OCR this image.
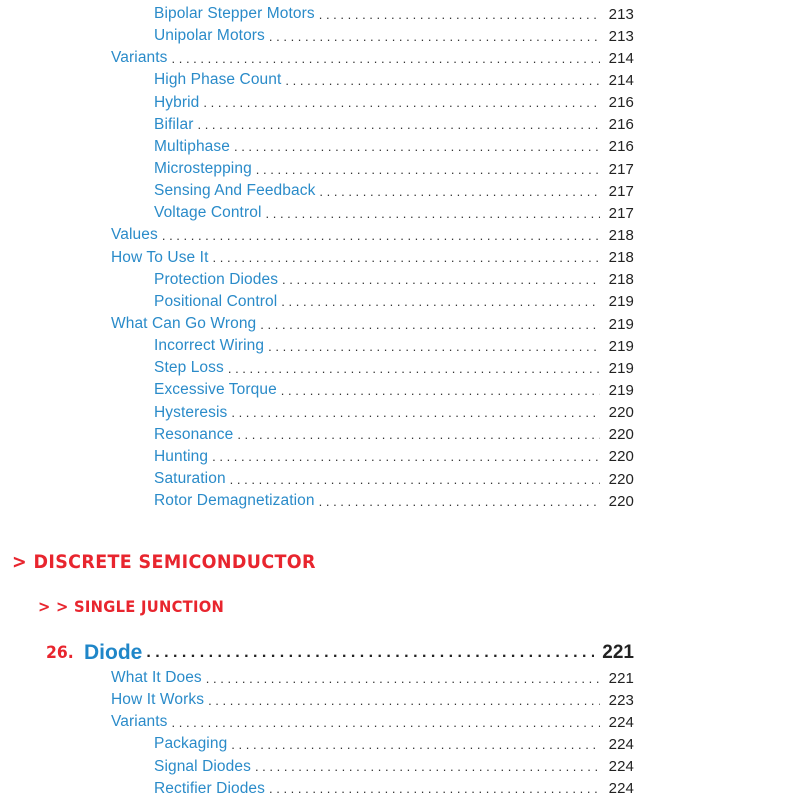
Bipolar Stepper Motors . . .	213
Unipolar Motors . . .	213
Variants . . .	214
High Phase Count . . .	214
Hybrid . . .	216
Bifilar . . .	216
Multiphase . . .	216
Microstepping . . .	217
Sensing And Feedback . . .	217
Voltage Control . . .	217
Values . . .	218
How To Use It . . .	218
Protection Diodes . . .	218
Positional Control . . .	219
What Can Go Wrong . . .	219
Incorrect Wiring . . .	219
Step Loss . . .	219
Excessive Torque . . .	219
Hysteresis . . .	220
Resonance . . .	220
Hunting . . .	220
Saturation . . .	220
Rotor Demagnetization . . .	220
> DISCRETE SEMICONDUCTOR
> > SINGLE JUNCTION
26. Diode . . .	221
What It Does . . .	221
How It Works . . .	223
Variants . . .	224
Packaging . . .	224
Signal Diodes . . .	224
Rectifier Diodes . . .	224
